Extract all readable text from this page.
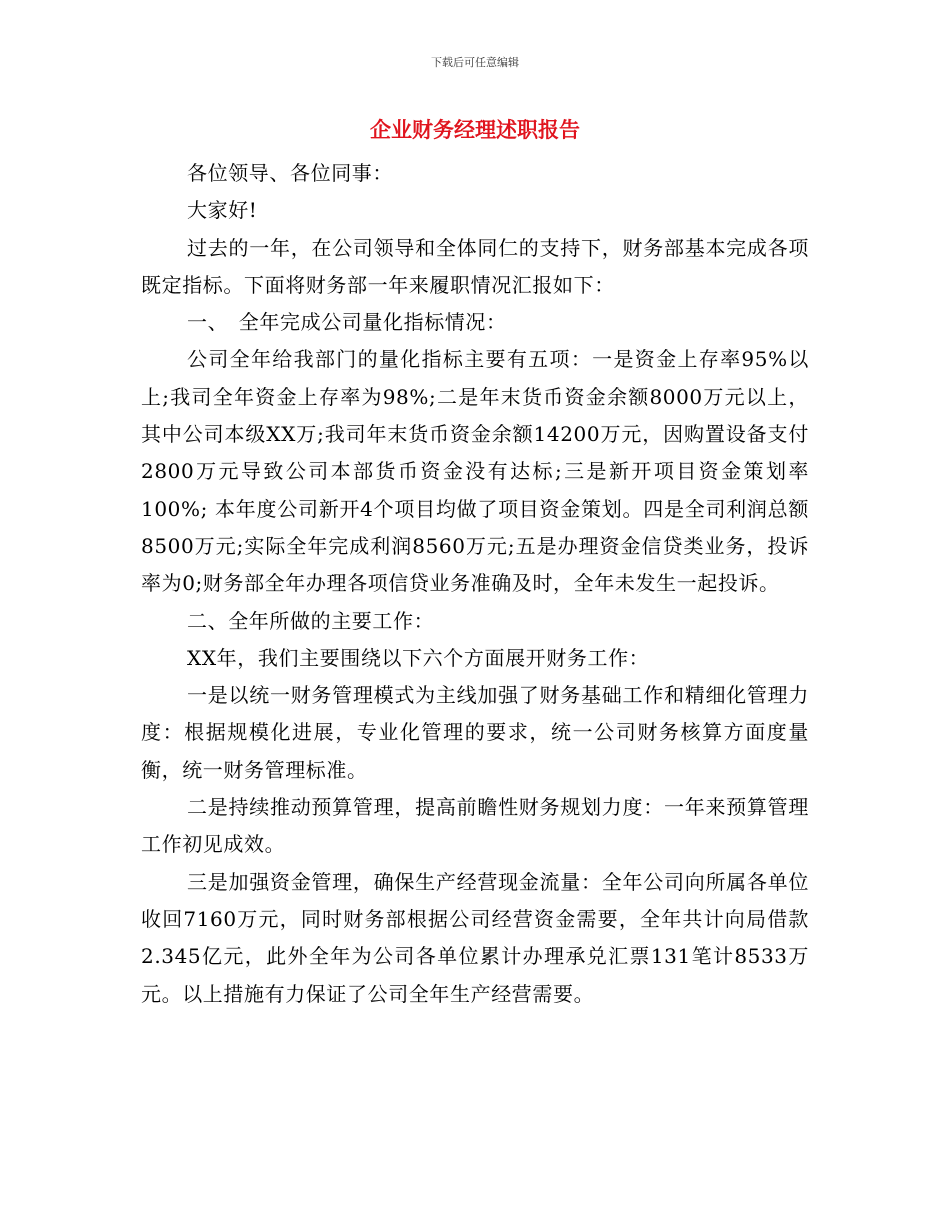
下载后可任意编辑
企业财务经理述职报告

各位领导、各位同事：

大家好!

过去的一年，在公司领导和全体同仁的支持下，财务部基本完成各项既定指标。下面将财务部一年来履职情况汇报如下：

一、　全年完成公司量化指标情况：

公司全年给我部门的量化指标主要有五项：一是资金上存率95%以上;我司全年资金上存率为98%;二是年末货币资金余额8000万元以上，其中公司本级XX万;我司年末货币资金余额14200万元，因购置设备支付2800万元导致公司本部货币资金没有达标;三是新开项目资金策划率100%; 本年度公司新开4个项目均做了项目资金策划。四是全司利润总额8500万元;实际全年完成利润8560万元;五是办理资金信贷类业务，投诉率为0;财务部全年办理各项信贷业务准确及时，全年未发生一起投诉。

二、全年所做的主要工作：

XX年，我们主要围绕以下六个方面展开财务工作：

一是以统一财务管理模式为主线加强了财务基础工作和精细化管理力度：根据规模化进展，专业化管理的要求，统一公司财务核算方面度量衡，统一财务管理标准。

二是持续推动预算管理，提高前瞻性财务规划力度：一年来预算管理工作初见成效。

三是加强资金管理，确保生产经营现金流量：全年公司向所属各单位收回7160万元，同时财务部根据公司经营资金需要，全年共计向局借款2.345亿元，此外全年为公司各单位累计办理承兑汇票131笔计8533万元。以上措施有力保证了公司全年生产经营需要。
